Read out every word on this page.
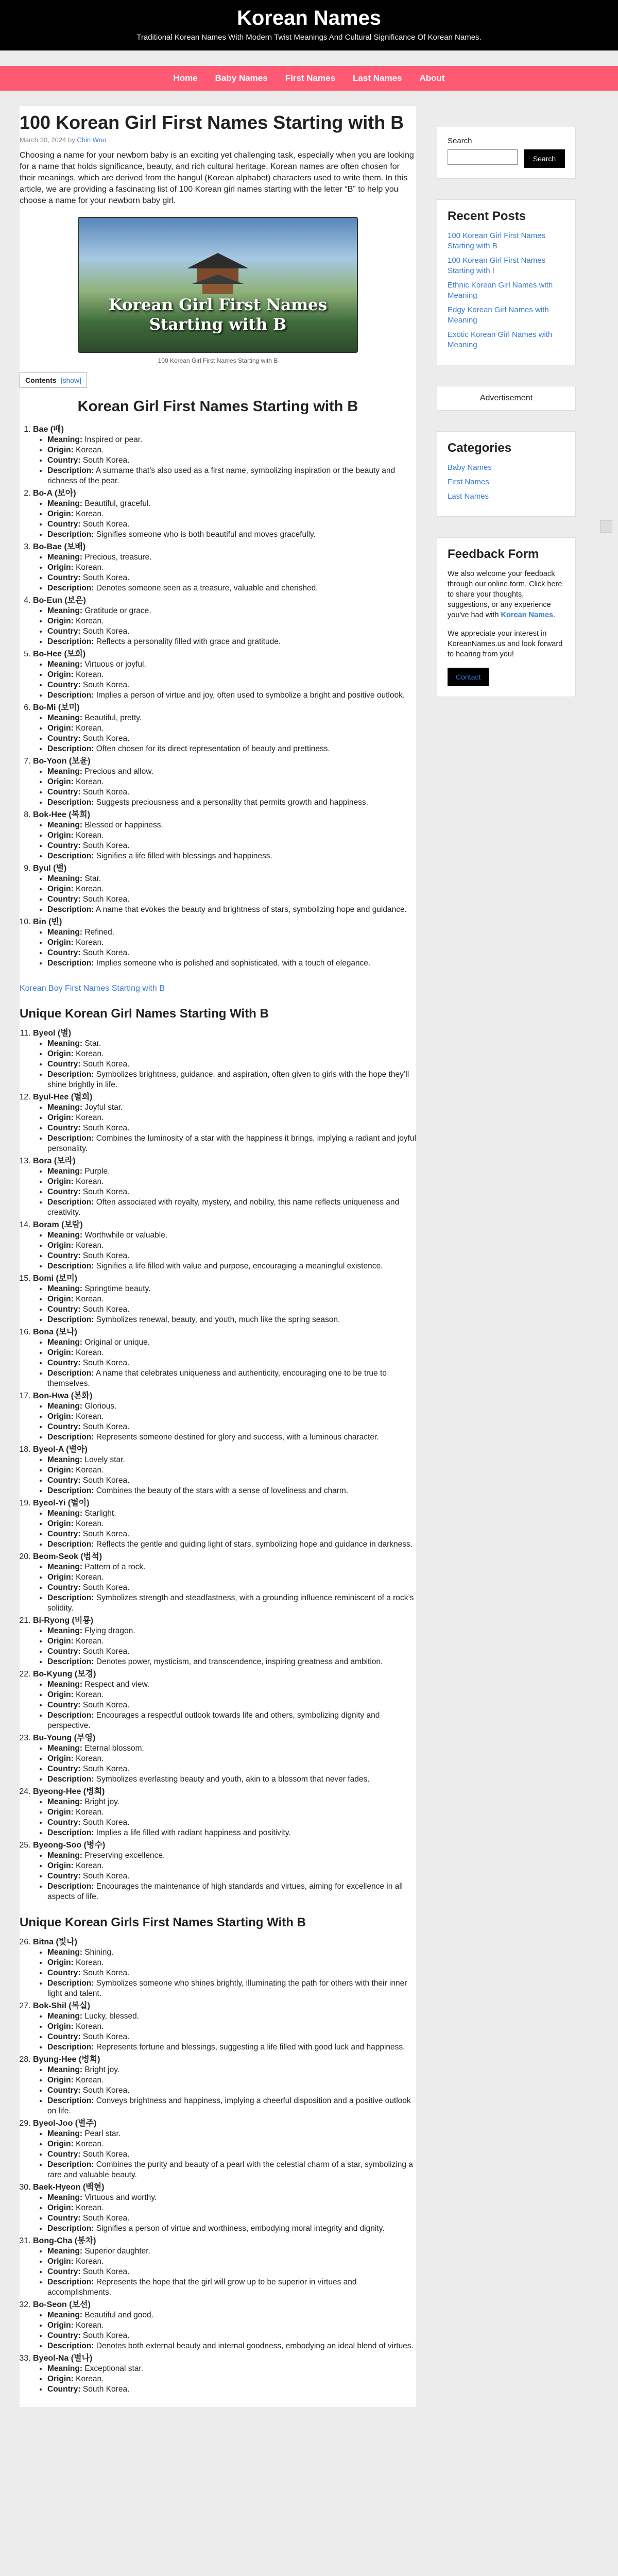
Korean Names
Traditional Korean Names With Modern Twist Meanings And Cultural Significance Of Korean Names.
Home Baby Names First Names Last Names About
100 Korean Girl First Names Starting with B
March 30, 2024 by Chin Woo

Choosing a name for your newborn baby is an exciting yet challenging task, especially when you are looking for a name that holds significance, beauty, and rich cultural heritage. Korean names are often chosen for their meanings, which are derived from the hangul (Korean alphabet) characters used to write them. In this article, we are providing a fascinating list of 100 Korean girl names starting with the letter “B” to help you choose a name for your newborn baby girl.

Korean Girl First Names Starting with B
100 Korean Girl First Names Starting with B
Contents [show]
Korean Girl First Names Starting with B
1. Bae (배)
• Meaning: Inspired or pear.
• Origin: Korean.
• Country: South Korea.
• Description: A surname that’s also used as a first name, symbolizing inspiration or the beauty and richness of the pear.
2. Bo-A (보아)
• Meaning: Beautiful, graceful.
• Origin: Korean.
• Country: South Korea.
• Description: Signifies someone who is both beautiful and moves gracefully.
3. Bo-Bae (보배)
• Meaning: Precious, treasure.
• Origin: Korean.
• Country: South Korea.
• Description: Denotes someone seen as a treasure, valuable and cherished.
4. Bo-Eun (보은)
• Meaning: Gratitude or grace.
• Origin: Korean.
• Country: South Korea.
• Description: Reflects a personality filled with grace and gratitude.
5. Bo-Hee (보희)
• Meaning: Virtuous or joyful.
• Origin: Korean.
• Country: South Korea.
• Description: Implies a person of virtue and joy, often used to symbolize a bright and positive outlook.
6. Bo-Mi (보미)
• Meaning: Beautiful, pretty.
• Origin: Korean.
• Country: South Korea.
• Description: Often chosen for its direct representation of beauty and prettiness.
7. Bo-Yoon (보윤)
• Meaning: Precious and allow.
• Origin: Korean.
• Country: South Korea.
• Description: Suggests preciousness and a personality that permits growth and happiness.
8. Bok-Hee (복희)
• Meaning: Blessed or happiness.
• Origin: Korean.
• Country: South Korea.
• Description: Signifies a life filled with blessings and happiness.
9. Byul (별)
• Meaning: Star.
• Origin: Korean.
• Country: South Korea.
• Description: A name that evokes the beauty and brightness of stars, symbolizing hope and guidance.
10. Bin (빈)
• Meaning: Refined.
• Origin: Korean.
• Country: South Korea.
• Description: Implies someone who is polished and sophisticated, with a touch of elegance.
Korean Boy First Names Starting with B
Unique Korean Girl Names Starting With B
11. Byeol (별)
• Meaning: Star.
• Origin: Korean.
• Country: South Korea.
• Description: Symbolizes brightness, guidance, and aspiration, often given to girls with the hope they’ll shine brightly in life.
12. Byul-Hee (별희)
• Meaning: Joyful star.
• Origin: Korean.
• Country: South Korea.
• Description: Combines the luminosity of a star with the happiness it brings, implying a radiant and joyful personality.
13. Bora (보라)
• Meaning: Purple.
• Origin: Korean.
• Country: South Korea.
• Description: Often associated with royalty, mystery, and nobility, this name reflects uniqueness and creativity.
14. Boram (보람)
• Meaning: Worthwhile or valuable.
• Origin: Korean.
• Country: South Korea.
• Description: Signifies a life filled with value and purpose, encouraging a meaningful existence.
15. Bomi (보미)
• Meaning: Springtime beauty.
• Origin: Korean.
• Country: South Korea.
• Description: Symbolizes renewal, beauty, and youth, much like the spring season.
16. Bona (보나)
• Meaning: Original or unique.
• Origin: Korean.
• Country: South Korea.
• Description: A name that celebrates uniqueness and authenticity, encouraging one to be true to themselves.
17. Bon-Hwa (본화)
• Meaning: Glorious.
• Origin: Korean.
• Country: South Korea.
• Description: Represents someone destined for glory and success, with a luminous character.
18. Byeol-A (별아)
• Meaning: Lovely star.
• Origin: Korean.
• Country: South Korea.
• Description: Combines the beauty of the stars with a sense of loveliness and charm.
19. Byeol-Yi (별이)
• Meaning: Starlight.
• Origin: Korean.
• Country: South Korea.
• Description: Reflects the gentle and guiding light of stars, symbolizing hope and guidance in darkness.
20. Beom-Seok (범석)
• Meaning: Pattern of a rock.
• Origin: Korean.
• Country: South Korea.
• Description: Symbolizes strength and steadfastness, with a grounding influence reminiscent of a rock’s solidity.
21. Bi-Ryong (비룡)
• Meaning: Flying dragon.
• Origin: Korean.
• Country: South Korea.
• Description: Denotes power, mysticism, and transcendence, inspiring greatness and ambition.
22. Bo-Kyung (보경)
• Meaning: Respect and view.
• Origin: Korean.
• Country: South Korea.
• Description: Encourages a respectful outlook towards life and others, symbolizing dignity and perspective.
23. Bu-Young (부영)
• Meaning: Eternal blossom.
• Origin: Korean.
• Country: South Korea.
• Description: Symbolizes everlasting beauty and youth, akin to a blossom that never fades.
24. Byeong-Hee (병희)
• Meaning: Bright joy.
• Origin: Korean.
• Country: South Korea.
• Description: Implies a life filled with radiant happiness and positivity.
25. Byeong-Soo (병수)
• Meaning: Preserving excellence.
• Origin: Korean.
• Country: South Korea.
• Description: Encourages the maintenance of high standards and virtues, aiming for excellence in all aspects of life.
Unique Korean Girls First Names Starting With B
26. Bitna (빛나)
• Meaning: Shining.
• Origin: Korean.
• Country: South Korea.
• Description: Symbolizes someone who shines brightly, illuminating the path for others with their inner light and talent.
27. Bok-Shil (복실)
• Meaning: Lucky, blessed.
• Origin: Korean.
• Country: South Korea.
• Description: Represents fortune and blessings, suggesting a life filled with good luck and happiness.
28. Byung-Hee (병희)
• Meaning: Bright joy.
• Origin: Korean.
• Country: South Korea.
• Description: Conveys brightness and happiness, implying a cheerful disposition and a positive outlook on life.
29. Byeol-Joo (별주)
• Meaning: Pearl star.
• Origin: Korean.
• Country: South Korea.
• Description: Combines the purity and beauty of a pearl with the celestial charm of a star, symbolizing a rare and valuable beauty.
30. Baek-Hyeon (백현)
• Meaning: Virtuous and worthy.
• Origin: Korean.
• Country: South Korea.
• Description: Signifies a person of virtue and worthiness, embodying moral integrity and dignity.
31. Bong-Cha (봉차)
• Meaning: Superior daughter.
• Origin: Korean.
• Country: South Korea.
• Description: Represents the hope that the girl will grow up to be superior in virtues and accomplishments.
32. Bo-Seon (보선)
• Meaning: Beautiful and good.
• Origin: Korean.
• Country: South Korea.
• Description: Denotes both external beauty and internal goodness, embodying an ideal blend of virtues.
33. Byeol-Na (별나)
• Meaning: Exceptional star.
• Origin: Korean.
• Country: South Korea.
Search
Search
Recent Posts
100 Korean Girl First Names Starting with B
100 Korean Girl First Names Starting with I
Ethnic Korean Girl Names with Meaning
Edgy Korean Girl Names with Meaning
Exotic Korean Girl Names with Meaning
Advertisement
Categories
Baby Names
First Names
Last Names
Feedback Form

We also welcome your feedback through our online form. Click here to share your thoughts, suggestions, or any experience you've had with Korean Names.

We appreciate your interest in KoreanNames.us and look forward to hearing from you!

Contact
